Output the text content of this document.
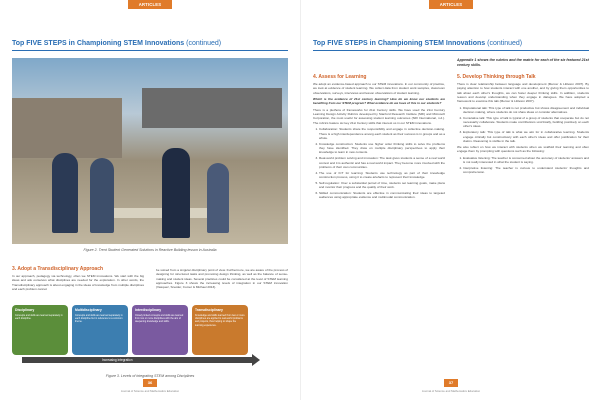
ARTICLES
Top FIVE STEPS in Championing STEM Innovations (continued)
Figure 2. Trent Student Generated Solutions in Reactive Building lesson in Australia
3. Adopt a Transdisciplinary Approach
In our approach, pedagogy via technology, often we STEM innovations. We start with the big ideas and ask ourselves what disciplines are needed for the exploration. In other words, the Transdisciplinary approach is about engaging in the ideas of knowledge from multiple disciplines and each problem cannot
be solved from a singular disciplinary point of view. Furthermore, we are aware of the process of designing for structured tasks and promoting design thinking, as well as the balance of sense-making and student ideas. Several practices could be considered at the level of STEM learning approaches. Figure 3 shows the increasing levels of integration in our STEM innovation (Vasquez, Sneider, Comer & Michael 2013).
Disciplinary
Concepts and skills are learned separately in each discipline.
Multidisciplinary
Concepts and skills are learned separately in each discipline but in reference to a common theme.
Interdisciplinary
Closely linked concepts and skills are learned from two or more disciplines with the aim of deepening knowledge and skills.
Transdisciplinary
Knowledge and skills learned from two or more disciplines are applied to real-world problems and projects, thus helping to shape the learning experience.
Increasing integration
Figure 3. Levels of integrating STEM among Disciplines
36
Journal of Science and Mathematics Education
ARTICLES
Top FIVE STEPS in Championing STEM Innovations (continued)
Appendix 1 shows the rubrics and the matrix for each of the six featured 21st century skills.
4. Assess for Learning

We adopt an evidence-based approach to our STEM innovations. In our community of practice, we look at evidence of student learning. We collect data from student work samples, classroom observations, surveys, interviews and lesson observations of student learning.

Which is the evidence of 21st century learning? How do we know our students are benefiting from our STEM program? What evidence do we have of this in our students?

There is a plethora of frameworks for 21st Century skills. We have used the 21st Century Learning Design Activity Rubrics developed by Stanford Research Institute (SRI) and Microsoft Corporation, the most useful for assessing student learning outcomes (SRI International, n.d.). The rubrics feature six key 21st Century skills that interest us in our STEM innovations.

1. Collaboration: Students share the responsibility and engage in collective decision-making. There is a high interdependence among each student as their success is in groups and as a whole.
2. Knowledge construction: Students use higher order thinking skills to solve the problems they have identified. They draw on multiple disciplinary perspectives to apply their knowledge to learn in new contexts.
3. Real-world problem solving and innovation: The task gives students a sense of a real world context and it is authentic and has a real world impact. They become more involved with the problems of their own communities.
4. The use of ICT for learning: Students use technology as part of their knowledge construction process, using it to create artefacts to represent their knowledge.
5. Self-regulation: Over a substantial period of time, students set learning goals, make plans and monitor their progress and the quality of their work.
6. Skilled communication: Students are effective in communicating their ideas to targeted audiences using appropriate evidence and multimodal communication.
5. Develop Thinking through Talk

There is clear relationship between language and development (Mercer & Littleton 2007). By paying attention to how students interact with one another, and by giving them opportunities to talk about each other's thoughts, we can foster deeper thinking skills. In addition, students reason and develop understanding when they engage in dialogues. We have adopted a framework to examine this talk (Mercer & Littleton 2007).

1. Disputational talk: This type of talk is not productive but shows disagreement and individual decision making, where students do not share ideas or consider alternatives.
2. Cumulative talk: This type of talk is typical of a group of students that cooperate but do not necessarily collaborate. Students make contributions uncritically, building positively on each other's ideas.
3. Exploratory talk: This type of talk is what we aim for in collaborative learning. Students engage critically but constructively with each other's ideas and offer justification for their claims. Reasoning is visible in the talk.

We also reflect on how we interact with students when we scaffold their learning and often engage them by prompting with questions such as the following:

1. Evaluative listening: The teacher is concerned about the accuracy of students' answers and is not really interested in what the student is saying.
2. Interpretive listening: The teacher is curious to understand students' thoughts and comprehension.
37
Journal of Science and Mathematics Education
